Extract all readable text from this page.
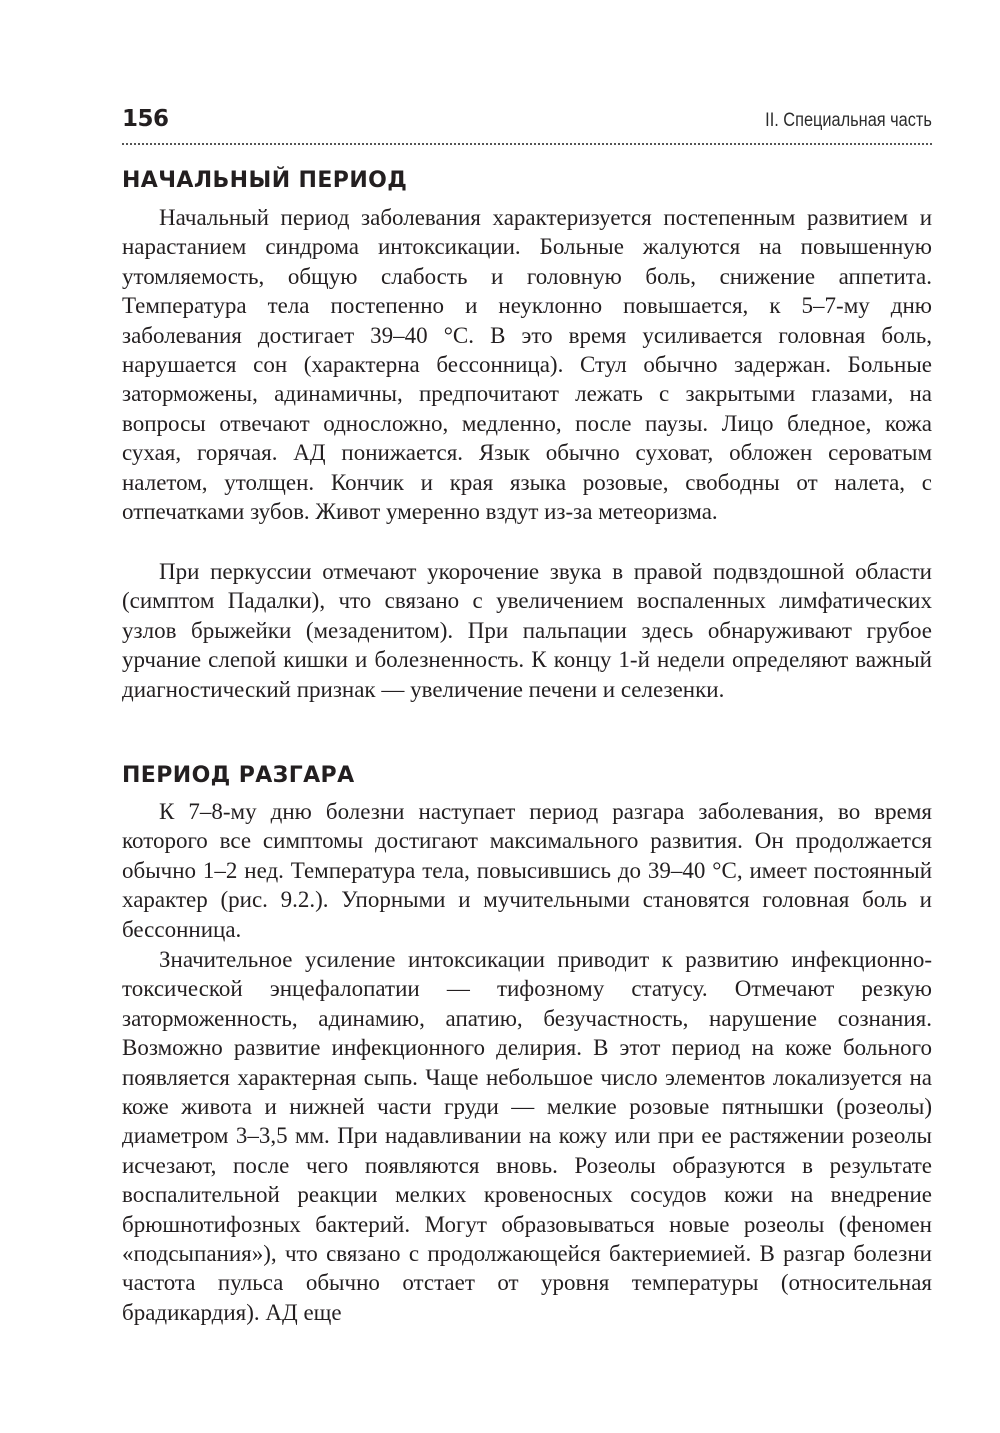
156	II. Специальная часть
НАЧАЛЬНЫЙ ПЕРИОД

Начальный период заболевания характеризуется постепенным развитием и нарастанием синдрома интоксикации. Больные жалуются на повышенную утомляемость, общую слабость и головную боль, снижение аппетита. Температура тела постепенно и неуклонно повышается, к 5–7-му дню заболевания достигает 39–40 °С. В это время усиливается головная боль, нарушается сон (характерна бессонница). Стул обычно задержан. Больные заторможены, адинамичны, предпочитают лежать с закрытыми глазами, на вопросы отвечают односложно, медленно, после паузы. Лицо бледное, кожа сухая, горячая. АД понижается. Язык обычно суховат, обложен сероватым налетом, утолщен. Кончик и края языка розовые, свободны от налета, с отпечатками зубов. Живот умеренно вздут из-за метеоризма.

При перкуссии отмечают укорочение звука в правой подвздошной области (симптом Падалки), что связано с увеличением воспаленных лимфатических узлов брыжейки (мезаденитом). При пальпации здесь обнаруживают грубое урчание слепой кишки и болезненность. К концу 1-й недели определяют важный диагностический признак — увеличение печени и селезенки.

ПЕРИОД РАЗГАРА

К 7–8-му дню болезни наступает период разгара заболевания, во время которого все симптомы достигают максимального развития. Он продолжается обычно 1–2 нед. Температура тела, повысившись до 39–40 °С, имеет постоянный характер (рис. 9.2.). Упорными и мучительными становятся головная боль и бессонница.

Значительное усиление интоксикации приводит к развитию инфекционно-токсической энцефалопатии — тифозному статусу. Отмечают резкую заторможенность, адинамию, апатию, безучастность, нарушение сознания. Возможно развитие инфекционного делирия. В этот период на коже больного появляется характерная сыпь. Чаще небольшое число элементов локализуется на коже живота и нижней части груди — мелкие розовые пятнышки (розеолы) диаметром 3–3,5 мм. При надавливании на кожу или при ее растяжении розеолы исчезают, после чего появляются вновь. Розеолы образуются в результате воспалительной реакции мелких кровеносных сосудов кожи на внедрение брюшнотифозных бактерий. Могут образовываться новые розеолы (феномен «подсыпания»), что связано с продолжающейся бактериемией. В разгар болезни частота пульса обычно отстает от уровня температуры (относительная брадикардия). АД еще
